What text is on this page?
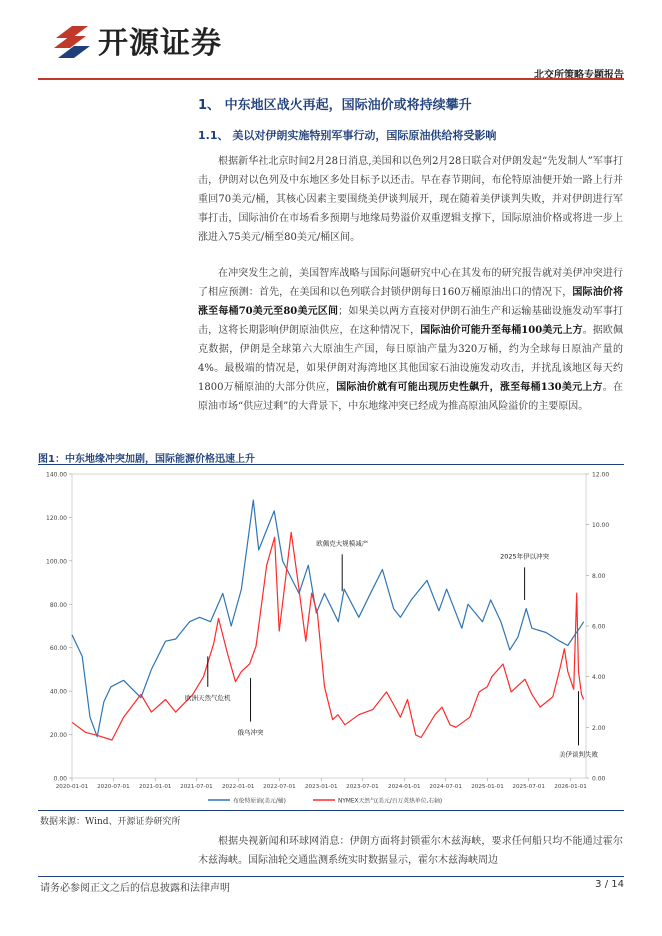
开源证券
北交所策略专题报告
1、 中东地区战火再起，国际油价或将持续攀升
1.1、 美以对伊朗实施特别军事行动，国际原油供给将受影响
根据新华社北京时间2月28日消息,美国和以色列2月28日联合对伊朗发起“先发制人”军事打击，伊朗对以色列及中东地区多处目标予以还击。早在春节期间，布伦特原油便开始一路上行并重回70美元/桶，其核心因素主要围绕美伊谈判展开，现在随着美伊谈判失败，并对伊朗进行军事打击，国际油价在市场看多预期与地缘局势溢价双重逻辑支撑下，国际原油价格或将进一步上涨进入75美元/桶至80美元/桶区间。
在冲突发生之前，美国智库战略与国际问题研究中心在其发布的研究报告就对美伊冲突进行了相应预测：首先，在美国和以色列联合封锁伊朗每日160万桶原油出口的情况下，国际油价将涨至每桶70美元至80美元区间；如果美以两方直接对伊朗石油生产和运输基础设施发动军事打击，这将长期影响伊朗原油供应，在这种情况下，国际油价可能升至每桶100美元上方。据欧佩克数据，伊朗是全球第六大原油生产国，每日原油产量为320万桶，约为全球每日原油产量的4%。最极端的情况是，如果伊朗对海湾地区其他国家石油设施发动攻击，并扰乱该地区每天约1800万桶原油的大部分供应，国际油价就有可能出现历史性飙升，涨至每桶130美元上方。在原油市场“供应过剩”的大背景下，中东地缘冲突已经成为推高原油风险溢价的主要原因。
图1：中东地缘冲突加剧，国际能源价格迅速上升
0.00
20.00
40.00
60.00
80.00
100.00
120.00
140.00
0.00
2.00
4.00
6.00
8.00
10.00
12.00
2020-01-01 2020-07-01 2021-01-01 2021-07-01 2022-01-01 2022-07-01 2023-01-01 2023-07-01 2024-01-01 2024-07-01 2025-01-01 2025-07-01 2026-01-01
欧洲天然气危机
俄乌冲突
欧佩克大规模减产
2025年伊以冲突
美伊谈判失败
布伦特原油(美元/桶)	NYMEX天然气(美元/百万英热单位,右轴)
数据来源：Wind、开源证券研究所
根据央视新闻和环球网消息：伊朗方面将封锁霍尔木兹海峡，要求任何船只均不能通过霍尔木兹海峡。国际油轮交通监测系统实时数据显示，霍尔木兹海峡周边
请务必参阅正文之后的信息披露和法律声明	3 / 14
